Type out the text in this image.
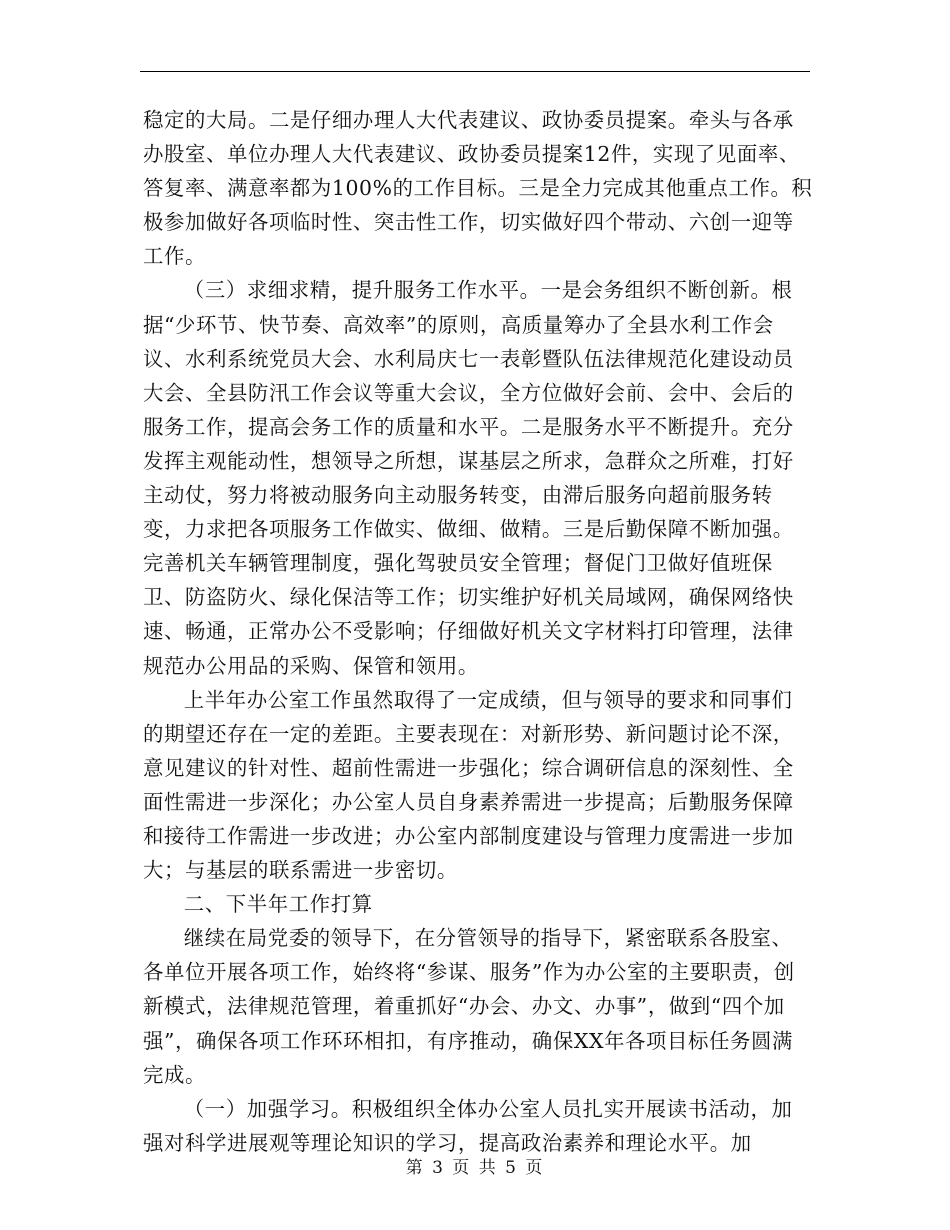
稳定的大局。二是仔细办理人大代表建议、政协委员提案。牵头与各承办股室、单位办理人大代表建议、政协委员提案12件，实现了见面率、答复率、满意率都为100%的工作目标。三是全力完成其他重点工作。积极参加做好各项临时性、突击性工作，切实做好四个带动、六创一迎等工作。

（三）求细求精，提升服务工作水平。一是会务组织不断创新。根据“少环节、快节奏、高效率”的原则，高质量筹办了全县水利工作会议、水利系统党员大会、水利局庆七一表彰暨队伍法律规范化建设动员大会、全县防汛工作会议等重大会议，全方位做好会前、会中、会后的服务工作，提高会务工作的质量和水平。二是服务水平不断提升。充分发挥主观能动性，想领导之所想，谋基层之所求，急群众之所难，打好主动仗，努力将被动服务向主动服务转变，由滞后服务向超前服务转变，力求把各项服务工作做实、做细、做精。三是后勤保障不断加强。完善机关车辆管理制度，强化驾驶员安全管理；督促门卫做好值班保卫、防盗防火、绿化保洁等工作；切实维护好机关局域网，确保网络快速、畅通，正常办公不受影响；仔细做好机关文字材料打印管理，法律规范办公用品的采购、保管和领用。

上半年办公室工作虽然取得了一定成绩，但与领导的要求和同事们的期望还存在一定的差距。主要表现在：对新形势、新问题讨论不深，意见建议的针对性、超前性需进一步强化；综合调研信息的深刻性、全面性需进一步深化；办公室人员自身素养需进一步提高；后勤服务保障和接待工作需进一步改进；办公室内部制度建设与管理力度需进一步加大；与基层的联系需进一步密切。

二、下半年工作打算

继续在局党委的领导下，在分管领导的指导下，紧密联系各股室、各单位开展各项工作，始终将“参谋、服务”作为办公室的主要职责，创新模式，法律规范管理，着重抓好“办会、办文、办事”，做到“四个加强”，确保各项工作环环相扣，有序推动，确保XX年各项目标任务圆满完成。

（一）加强学习。积极组织全体办公室人员扎实开展读书活动，加强对科学进展观等理论知识的学习，提高政治素养和理论水平。加

第 3 页 共 5 页
